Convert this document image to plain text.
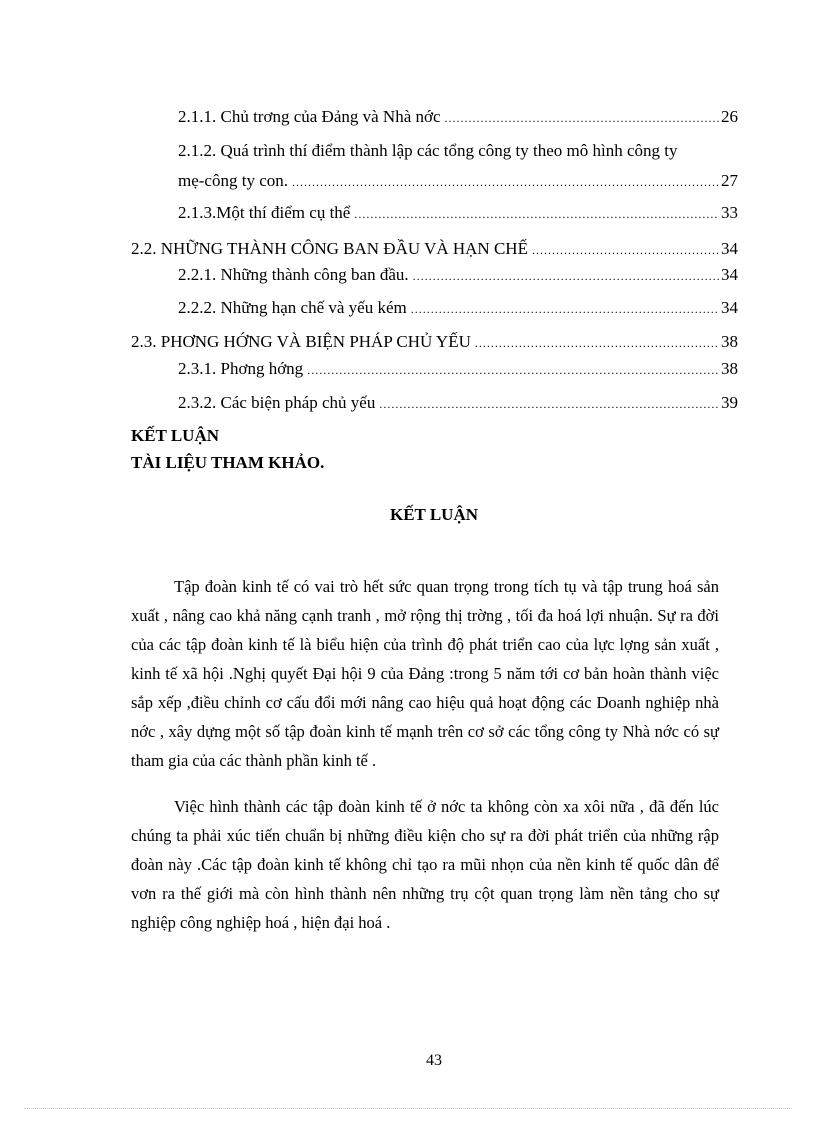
2.1.1. Chủ trơng của Đảng và Nhà nớc .....	26
2.1.2. Quá trình thí điểm thành lập các tổng công ty theo mô hình công ty
mẹ-công ty con. .....	27
2.1.3.Một thí điểm cụ thể .....	33
2.2. NHỮNG THÀNH CÔNG BAN ĐẦU VÀ HẠN CHẾ .....	34
2.2.1. Những thành công ban đầu. .....	34
2.2.2. Những hạn chế và yếu kém .....	34
2.3. PHƠNG HỚNG VÀ BIỆN PHÁP CHỦ YẾU .....	38
2.3.1. Phơng hớng .....	38
2.3.2. Các biện pháp chủ yếu .....	39
KẾT LUẬN
TÀI LIỆU THAM KHẢO.
KẾT LUẬN

Tập đoàn kinh tế có vai trò hết sức quan trọng trong tích tụ và tập trung hoá sản xuất , nâng cao khả năng cạnh tranh , mở rộng thị trờng , tối đa hoá lợi nhuận. Sự ra đời của các tập đoàn kinh tế là biểu hiện của trình độ phát triển cao của lực lợng sản xuất , kinh tế xã hội .Nghị quyết Đại hội 9 của Đảng :trong 5 năm tới cơ bản hoàn thành việc sắp xếp ,điều chỉnh cơ cấu đổi mới nâng cao hiệu quả hoạt động các Doanh nghiệp nhà nớc , xây dựng một số tập đoàn kinh tế mạnh trên cơ sở các tổng công ty Nhà nớc có sự tham gia của các thành phần kinh tế .

Việc hình thành các tập đoàn kinh tế ở nớc ta không còn xa xôi nữa , đã đến lúc chúng ta phải xúc tiến chuẩn bị những điều kiện cho sự ra đời phát triển của những rập đoàn này .Các tập đoàn kinh tế không chỉ tạo ra mũi nhọn của nền kinh tế quốc dân để vơn ra thế giới mà còn hình thành nên những trụ cột quan trọng làm nền tảng cho sự nghiệp công nghiệp hoá , hiện đại hoá .

43
